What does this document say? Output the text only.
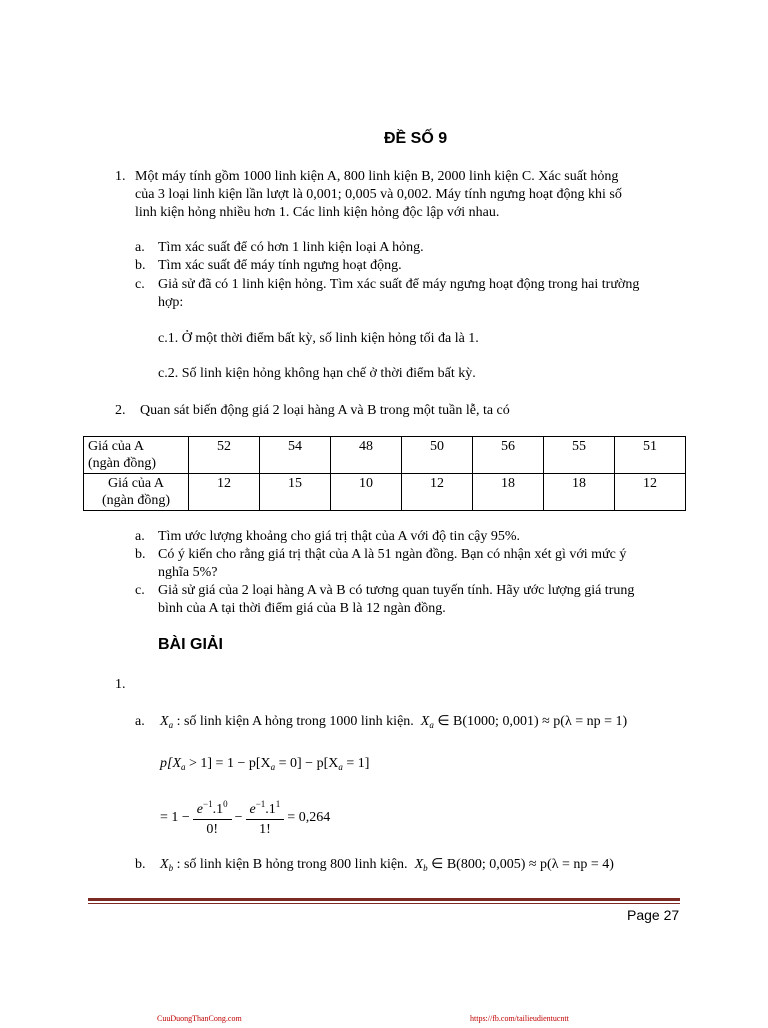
ĐỀ SỐ 9
1. Một máy tính gồm 1000 linh kiện A, 800 linh kiện B, 2000 linh kiện C. Xác suất hỏng
của 3 loại linh kiện lần lượt là 0,001; 0,005 và 0,002. Máy tính ngưng hoạt động khi số
linh kiện hỏng nhiều hơn 1. Các linh kiện hỏng độc lập với nhau.
a. Tìm xác suất để có hơn 1 linh kiện loại A hỏng.
b. Tìm xác suất để máy tính ngưng hoạt động.
c. Giả sử đã có 1 linh kiện hỏng. Tìm xác suất để máy ngưng hoạt động trong hai trường
hợp:
c.1. Ở một thời điểm bất kỳ, số linh kiện hỏng tối đa là 1.
c.2. Số linh kiện hỏng không hạn chế ở thời điểm bất kỳ.
2. Quan sát biến động giá 2 loại hàng A và B trong một tuần lễ, ta có
Giá của A
(ngàn đồng)	52	54	48	50	56	55	51
Giá của A
(ngàn đồng)	12	15	10	12	18	18	12
a. Tìm ước lượng khoảng cho giá trị thật của A với độ tin cậy 95%.
b. Có ý kiến cho rằng giá trị thật của A là 51 ngàn đồng. Bạn có nhận xét gì với mức ý
nghĩa 5%?
c. Giả sử giá của 2 loại hàng A và B có tương quan tuyến tính. Hãy ước lượng giá trung
bình của A tại thời điểm giá của B là 12 ngàn đồng.
BÀI GIẢI
1.
a. $X_a$ : số linh kiện A hỏng trong 1000 linh kiện. $X_a$ ∈ B(1000; 0,001) ≈ p(λ = np = 1)
$p[X_a > 1] = 1 - p[X_a = 0] - p[X_a = 1]$
= $1 - \frac{e^{-1}.1^0}{0!} - \frac{e^{-1}.1^1}{1!} = 0,264$
b. $X_b$ : số linh kiện B hỏng trong 800 linh kiện. $X_b$ ∈ B(800; 0,005) ≈ p(λ = np = 4)
Page 27
CuuDuongThanCong.com	https://fb.com/tailieudientucntt
